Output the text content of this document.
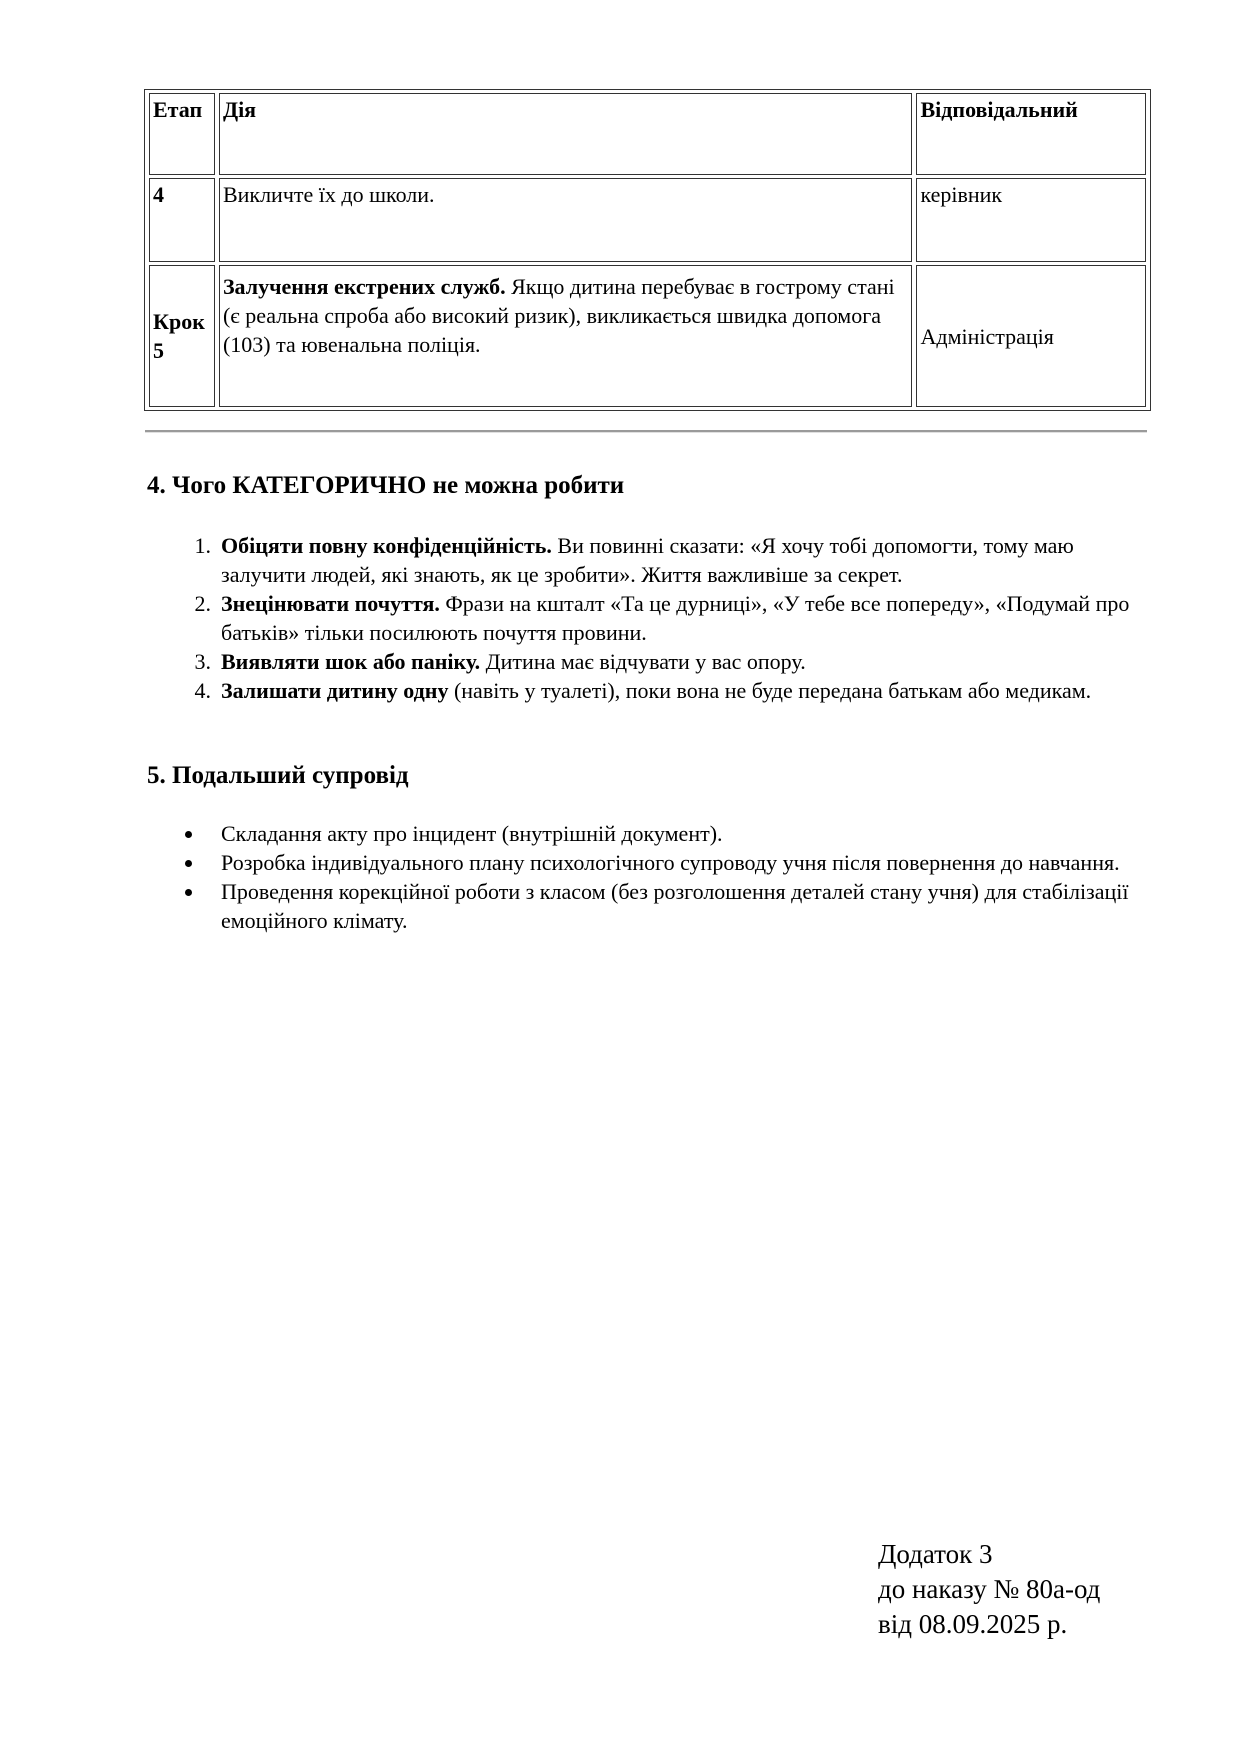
Етап	Дія	Відповідальний
4	Викличте їх до школи.	керівник
Крок 5	Залучення екстрених служб. Якщо дитина перебуває в гострому стані (є реальна спроба або високий ризик), викликається швидка допомога (103) та ювенальна поліція.	Адміністрація
4. Чого КАТЕГОРИЧНО не можна робити
1. Обіцяти повну конфіденційність. Ви повинні сказати: «Я хочу тобі допомогти, тому маю залучити людей, які знають, як це зробити». Життя важливіше за секрет.
2. Знецінювати почуття. Фрази на кшталт «Та це дурниці», «У тебе все попереду», «Подумай про батьків» тільки посилюють почуття провини.
3. Виявляти шок або паніку. Дитина має відчувати у вас опору.
4. Залишати дитину одну (навіть у туалеті), поки вона не буде передана батькам або медикам.
5. Подальший супровід
Складання акту про інцидент (внутрішній документ).
Розробка індивідуального плану психологічного супроводу учня після повернення до навчання.
Проведення корекційної роботи з класом (без розголошення деталей стану учня) для стабілізації емоційного клімату.
Додаток 3
до наказу № 80а-од
від 08.09.2025 р.
